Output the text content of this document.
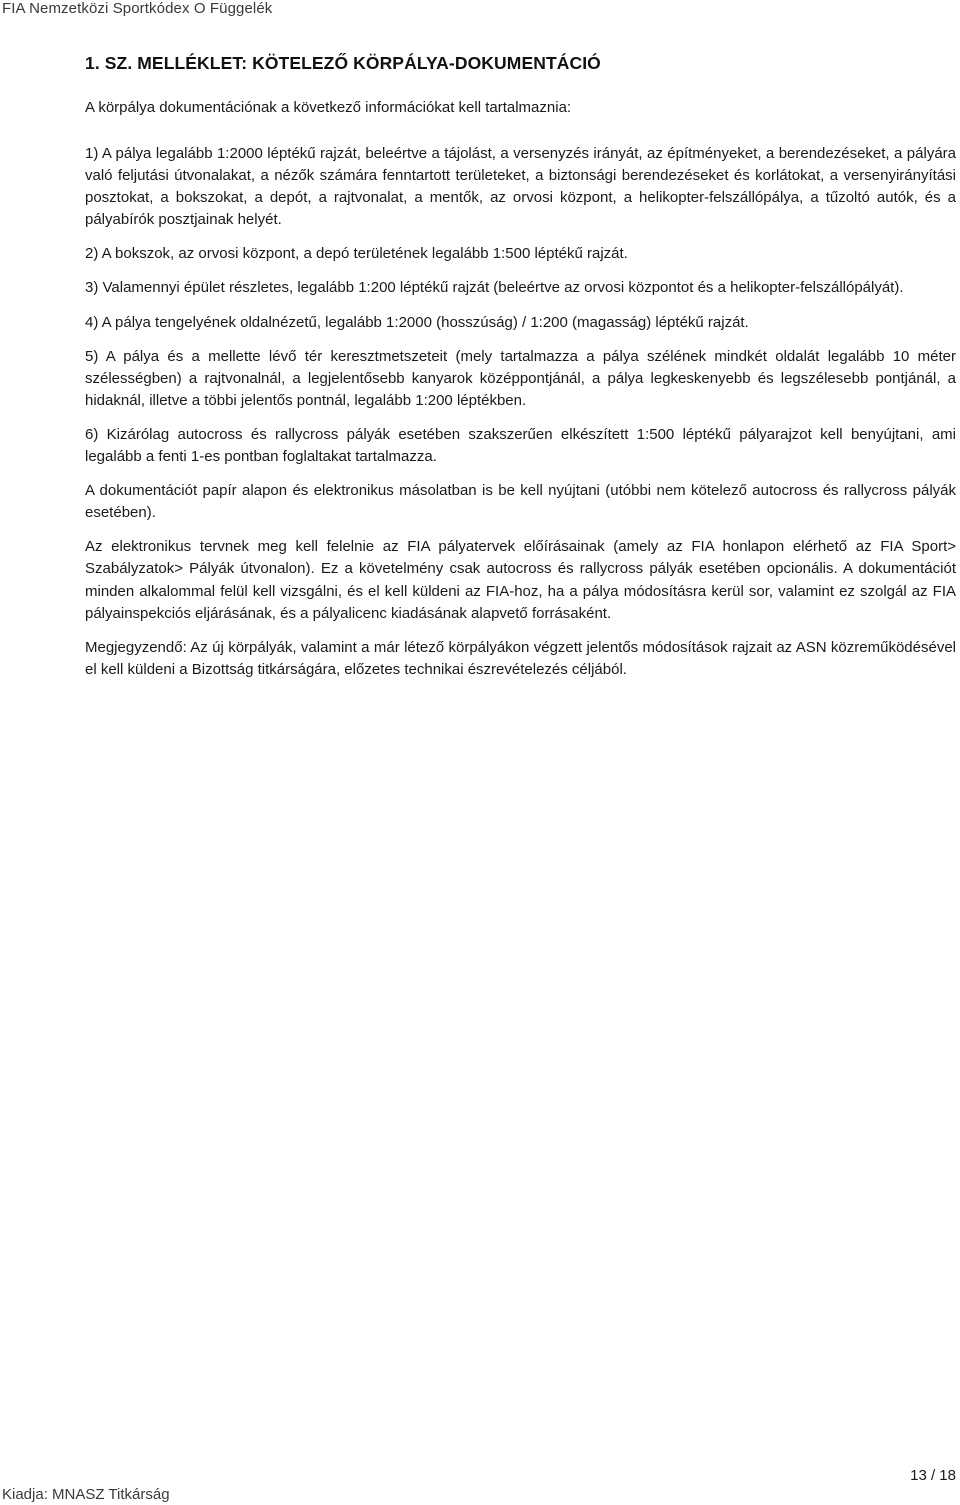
FIA Nemzetközi Sportkódex O Függelék
1. SZ. MELLÉKLET: KÖTELEZŐ KÖRPÁLYA-DOKUMENTÁCIÓ
A körpálya dokumentációnak a következő információkat kell tartalmaznia:

1) A pálya legalább 1:2000 léptékű rajzát, beleértve a tájolást, a versenyzés irányát, az építményeket, a berendezéseket, a pályára való feljutási útvonalakat, a nézők számára fenntartott területeket, a biztonsági berendezéseket és korlátokat, a versenyirányítási posztokat, a bokszokat, a depót, a rajtvonalat, a mentők, az orvosi központ, a helikopter-felszállópálya, a tűzoltó autók, és a pályabírók posztjainak helyét.

2) A bokszok, az orvosi központ, a depó területének legalább 1:500 léptékű rajzát.

3) Valamennyi épület részletes, legalább 1:200 léptékű rajzát (beleértve az orvosi központot és a helikopter-felszállópályát).

4) A pálya tengelyének oldalnézetű, legalább 1:2000 (hosszúság) / 1:200 (magasság) léptékű rajzát.

5) A pálya és a mellette lévő tér keresztmetszeteit (mely tartalmazza a pálya szélének mindkét oldalát legalább 10 méter szélességben) a rajtvonalnál, a legjelentősebb kanyarok középpontjánál, a pálya legkeskenyebb és legszélesebb pontjánál, a hidaknál, illetve a többi jelentős pontnál, legalább 1:200 léptékben.

6) Kizárólag autocross és rallycross pályák esetében szakszerűen elkészített 1:500 léptékű pályarajzot kell benyújtani, ami legalább a fenti 1-es pontban foglaltakat tartalmazza.

A dokumentációt papír alapon és elektronikus másolatban is be kell nyújtani (utóbbi nem kötelező autocross és rallycross pályák esetében).

Az elektronikus tervnek meg kell felelnie az FIA pályatervek előírásainak (amely az FIA honlapon elérhető az FIA Sport> Szabályzatok> Pályák útvonalon). Ez a követelmény csak autocross és rallycross pályák esetében opcionális. A dokumentációt minden alkalommal felül kell vizsgálni, és el kell küldeni az FIA-hoz, ha a pálya módosításra kerül sor, valamint ez szolgál az FIA pályainspekciós eljárásának, és a pályalicenc kiadásának alapvető forrásaként.

Megjegyzendő: Az új körpályák, valamint a már létező körpályákon végzett jelentős módosítások rajzait az ASN közreműködésével el kell küldeni a Bizottság titkárságára, előzetes technikai észrevételezés céljából.

13 / 18
Kiadja: MNASZ Titkárság
